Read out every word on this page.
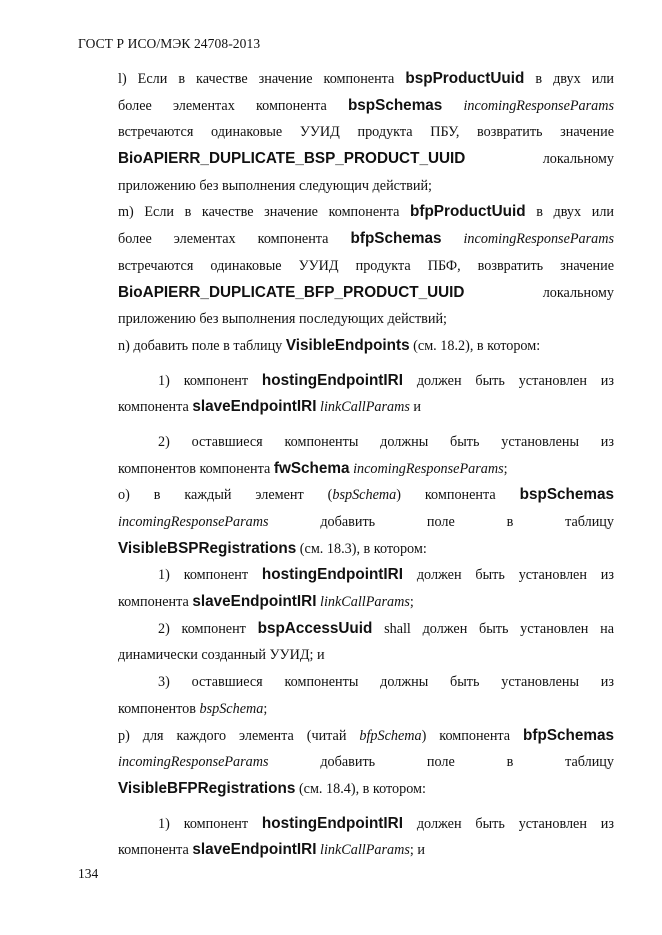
ГОСТ Р ИСО/МЭК 24708-2013
l) Если в качестве значение компонента bspProductUuid в двух или
более элементах компонента bspSchemas incomingResponseParams
встречаются одинаковые УУИД продукта ПБУ, возвратить значение
BioAPIERR_DUPLICATE_BSP_PRODUCT_UUID локальному
приложению без выполнения следующич действий;
m) Если в качестве значение компонента bfpProductUuid в двух или
более элементах компонента bfpSchemas incomingResponseParams
встречаются одинаковые УУИД продукта ПБФ, возвратить значение
BioAPIERR_DUPLICATE_BFP_PRODUCT_UUID локальному
приложению без выполнения последующих действий;
n) добавить поле в таблицу VisibleEndpoints (см. 18.2), в котором:
1) компонент hostingEndpointIRI должен быть установлен из
компонента slaveEndpointIRI linkCallParams и
2) оставшиеся компоненты должны быть установлены из
компонентов компонента fwSchema incomingResponseParams;
o) в каждый элемент (bspSchema) компонента bspSchemas
incomingResponseParams добавить поле в таблицу
VisibleBSPRegistrations (см. 18.3), в котором:
1) компонент hostingEndpointIRI должен быть установлен из
компонента slaveEndpointIRI linkCallParams;
2) компонент bspAccessUuid shall должен быть установлен на
динамически созданный УУИД; и
3) оставшиеся компоненты должны быть установлены из
компонентов bspSchema;
p) для каждого элемента (читай bfpSchema) компонента bfpSchemas
incomingResponseParams добавить поле в таблицу
VisibleBFPRegistrations (см. 18.4), в котором:
1) компонент hostingEndpointIRI должен быть установлен из
компонента slaveEndpointIRI linkCallParams; и
134
